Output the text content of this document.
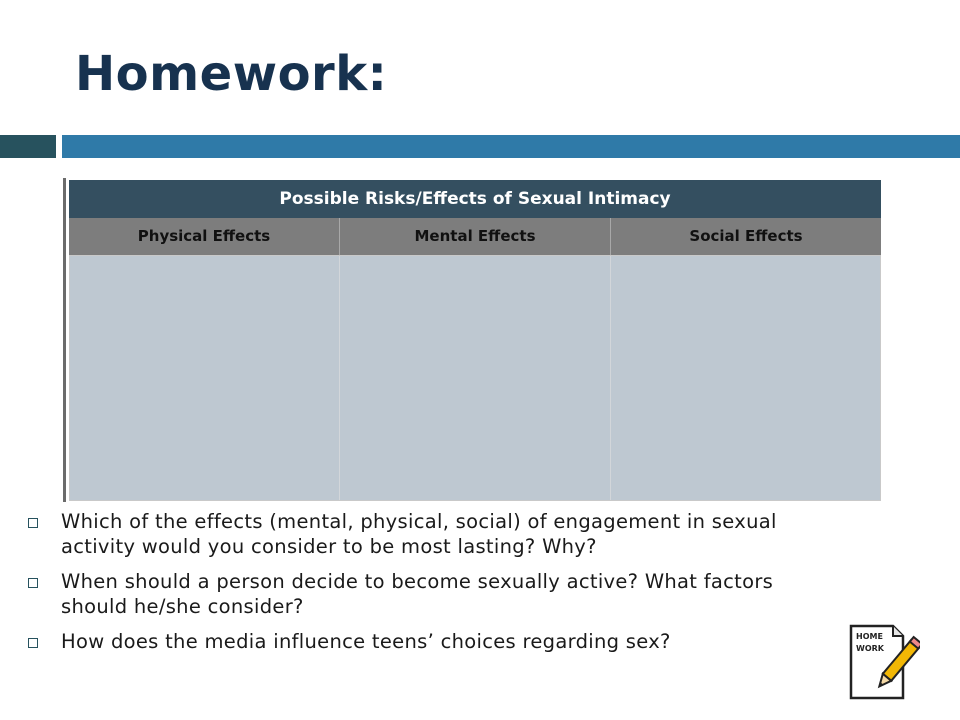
Homework:
Possible Risks/Effects of Sexual Intimacy
Physical Effects	Mental Effects	Social Effects
Which of the effects (mental, physical, social) of engagement in sexual activity would you consider to be most lasting? Why?
When should a person decide to become sexually active? What factors should he/she consider?
How does the media influence teens’ choices regarding sex?	HOME
WORK
